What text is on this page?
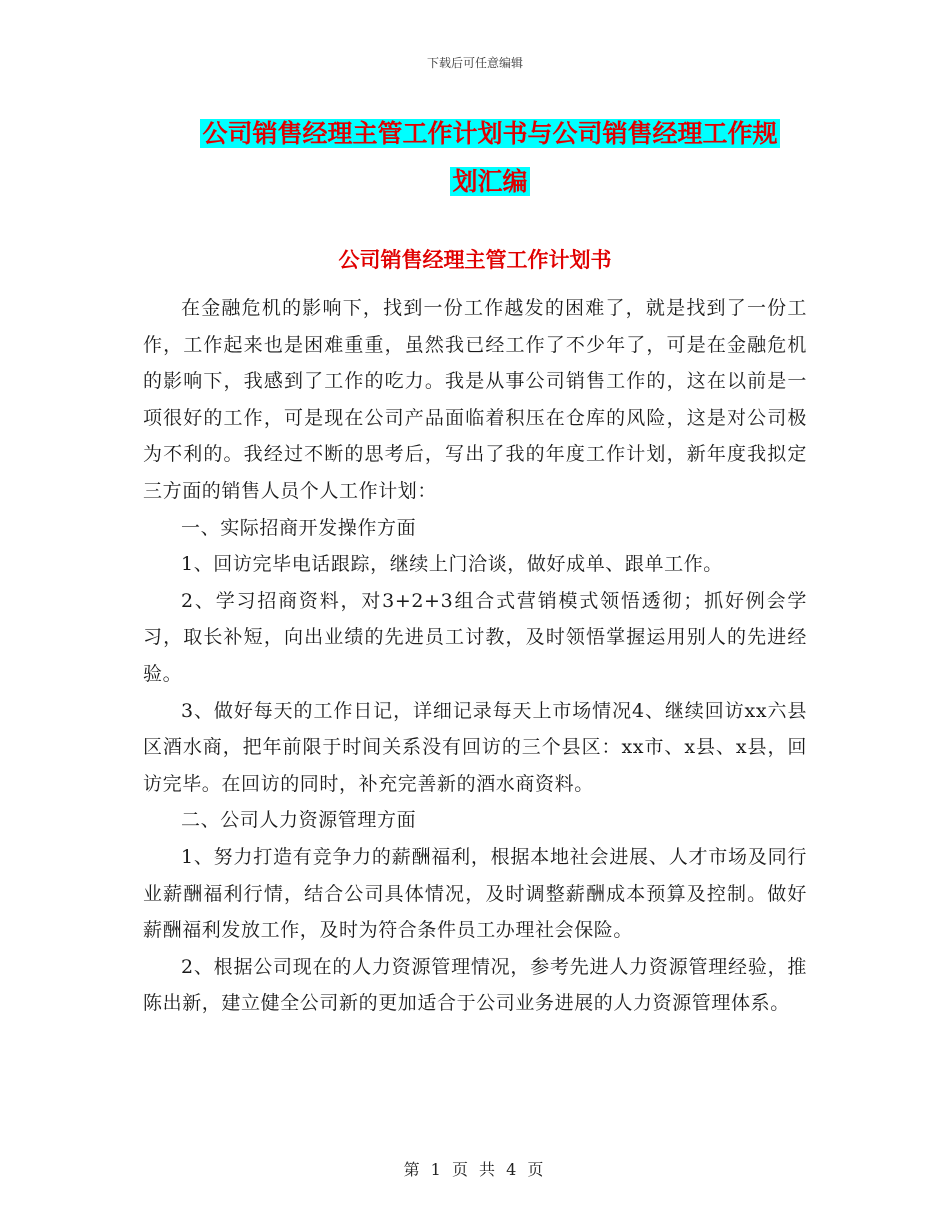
下载后可任意编辑
公司销售经理主管工作计划书与公司销售经理工作规
划汇编
公司销售经理主管工作计划书

在金融危机的影响下，找到一份工作越发的困难了，就是找到了一份工作，工作起来也是困难重重，虽然我已经工作了不少年了，可是在金融危机的影响下，我感到了工作的吃力。我是从事公司销售工作的，这在以前是一项很好的工作，可是现在公司产品面临着积压在仓库的风险，这是对公司极为不利的。我经过不断的思考后，写出了我的年度工作计划，新年度我拟定三方面的销售人员个人工作计划：

一、实际招商开发操作方面

1、回访完毕电话跟踪，继续上门洽谈，做好成单、跟单工作。

2、学习招商资料，对3+2+3组合式营销模式领悟透彻；抓好例会学习，取长补短，向出业绩的先进员工讨教，及时领悟掌握运用别人的先进经验。

3、做好每天的工作日记，详细记录每天上市场情况4、继续回访xx六县区酒水商，把年前限于时间关系没有回访的三个县区：xx市、x县、x县，回访完毕。在回访的同时，补充完善新的酒水商资料。

二、公司人力资源管理方面

1、努力打造有竞争力的薪酬福利，根据本地社会进展、人才市场及同行业薪酬福利行情，结合公司具体情况，及时调整薪酬成本预算及控制。做好薪酬福利发放工作，及时为符合条件员工办理社会保险。

2、根据公司现在的人力资源管理情况，参考先进人力资源管理经验，推陈出新，建立健全公司新的更加适合于公司业务进展的人力资源管理体系。

第 1 页 共 4 页
